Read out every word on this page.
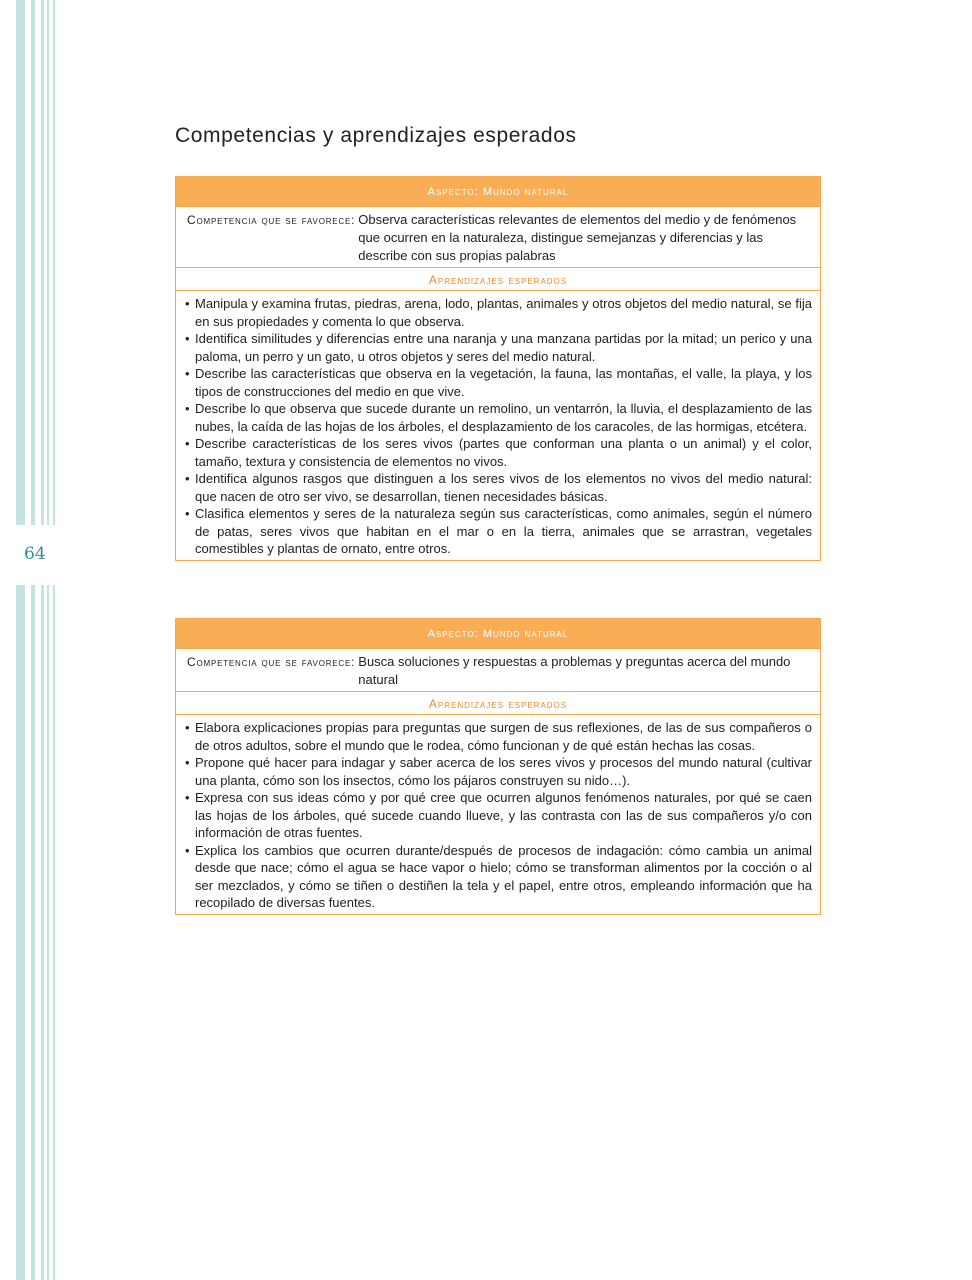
64
Competencias y aprendizajes esperados
Aspecto: Mundo natural
Competencia que se favorece: Observa características relevantes de elementos del medio y de fenómenos que ocurren en la naturaleza, distingue semejanzas y diferencias y las describe con sus propias palabras
Aprendizajes esperados
• Manipula y examina frutas, piedras, arena, lodo, plantas, animales y otros objetos del medio natural, se fija en sus propiedades y comenta lo que observa.
• Identifica similitudes y diferencias entre una naranja y una manzana partidas por la mitad; un perico y una paloma, un perro y un gato, u otros objetos y seres del medio natural.
• Describe las características que observa en la vegetación, la fauna, las montañas, el valle, la playa, y los tipos de construcciones del medio en que vive.
• Describe lo que observa que sucede durante un remolino, un ventarrón, la lluvia, el desplazamiento de las nubes, la caída de las hojas de los árboles, el desplazamiento de los caracoles, de las hormigas, etcétera.
• Describe características de los seres vivos (partes que conforman una planta o un animal) y el color, tamaño, textura y consistencia de elementos no vivos.
• Identifica algunos rasgos que distinguen a los seres vivos de los elementos no vivos del medio natural: que nacen de otro ser vivo, se desarrollan, tienen necesidades básicas.
• Clasifica elementos y seres de la naturaleza según sus características, como animales, según el número de patas, seres vivos que habitan en el mar o en la tierra, animales que se arrastran, vegetales comestibles y plantas de ornato, entre otros.
Aspecto: Mundo natural
Competencia que se favorece: Busca soluciones y respuestas a problemas y preguntas acerca del mundo natural
Aprendizajes esperados
• Elabora explicaciones propias para preguntas que surgen de sus reflexiones, de las de sus compañeros o de otros adultos, sobre el mundo que le rodea, cómo funcionan y de qué están hechas las cosas.
• Propone qué hacer para indagar y saber acerca de los seres vivos y procesos del mundo natural (cultivar una planta, cómo son los insectos, cómo los pájaros construyen su nido…).
• Expresa con sus ideas cómo y por qué cree que ocurren algunos fenómenos naturales, por qué se caen las hojas de los árboles, qué sucede cuando llueve, y las contrasta con las de sus compañeros y/o con información de otras fuentes.
• Explica los cambios que ocurren durante/después de procesos de indagación: cómo cambia un animal desde que nace; cómo el agua se hace vapor o hielo; cómo se transforman alimentos por la cocción o al ser mezclados, y cómo se tiñen o destiñen la tela y el papel, entre otros, empleando información que ha recopilado de diversas fuentes.
